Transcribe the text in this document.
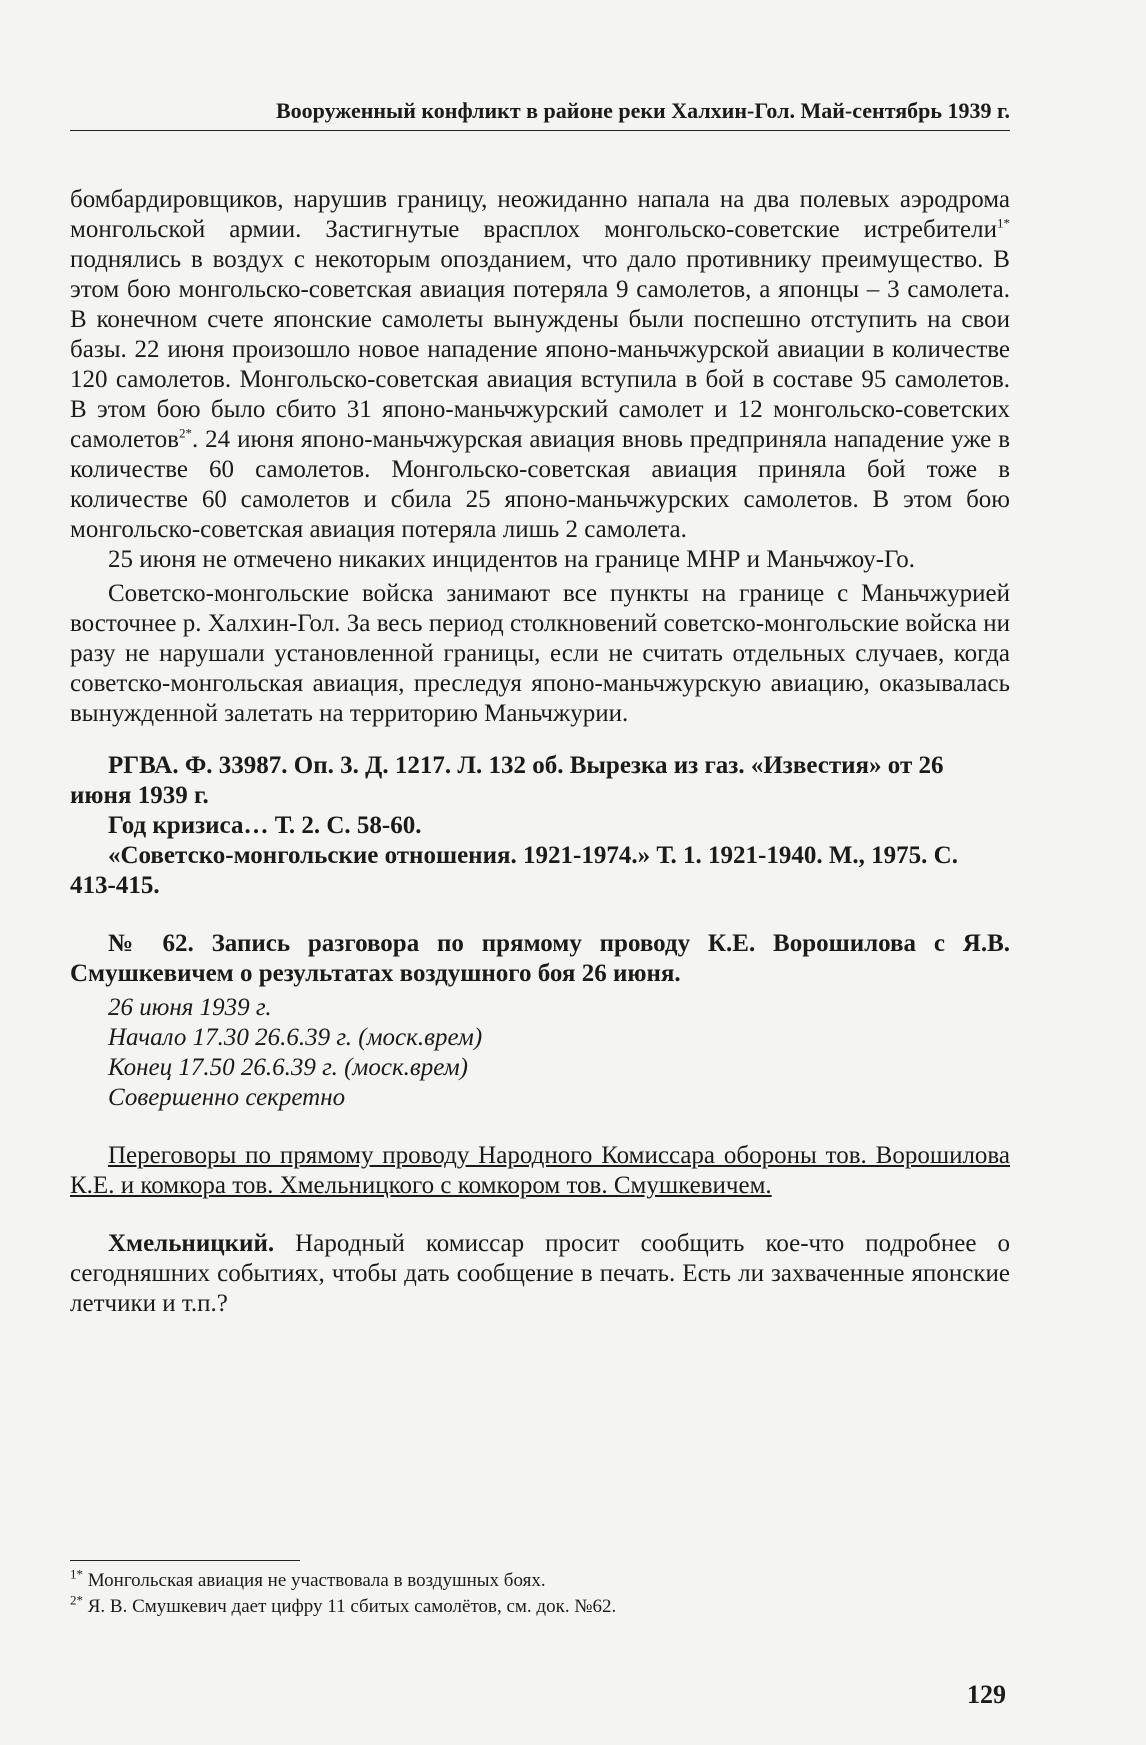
Вооруженный конфликт в районе реки Халхин-Гол. Май-сентябрь 1939 г.

бомбардировщиков, нарушив границу, неожиданно напала на два полевых аэродрома монгольской армии. Застигнутые врасплох монгольско-советские истребители$^{1*}$ поднялись в воздух с некоторым опозданием, что дало противнику преимущество. В этом бою монгольско-советская авиация потеряла 9 самолетов, а японцы – 3 самолета. В конечном счете японские самолеты вынуждены были поспешно отступить на свои базы. 22 июня произошло новое нападение японо-маньчжурской авиации в количестве 120 самолетов. Монгольско-советская авиация вступила в бой в составе 95 самолетов. В этом бою было сбито 31 японо-маньчжурский самолет и 12 монгольско-советских самолетов$^{2*}$. 24 июня японо-маньчжурская авиация вновь предприняла нападение уже в количестве 60 самолетов. Монгольско-советская авиация приняла бой тоже в количестве 60 самолетов и сбила 25 японо-маньчжурских самолетов. В этом бою монгольско-советская авиация потеряла лишь 2 самолета.

25 июня не отмечено никаких инцидентов на границе МНР и Маньчжоу-Го.

Советско-монгольские войска занимают все пункты на границе с Маньчжурией восточнее р. Халхин-Гол. За весь период столкновений советско-монгольские войска ни разу не нарушали установленной границы, если не считать отдельных случаев, когда советско-монгольская авиация, преследуя японо-маньчжурскую авиацию, оказывалась вынужденной залетать на территорию Маньчжурии.

РГВА. Ф. 33987. Оп. 3. Д. 1217. Л. 132 об. Вырезка из газ. «Известия» от 26 июня 1939 г.

Год кризиса… Т. 2. С. 58-60.

«Советско-монгольские отношения. 1921-1974.» Т. 1. 1921-1940. М., 1975. С. 413-415.

№ 62. Запись разговора по прямому проводу К.Е. Ворошилова с Я.В. Смушкевичем о результатах воздушного боя 26 июня.

26 июня 1939 г.

Начало 17.30 26.6.39 г. (моск.врем)

Конец 17.50 26.6.39 г. (моск.врем)

Совершенно секретно

Переговоры по прямому проводу Народного Комиссара обороны тов. Ворошилова К.Е. и комкора тов. Хмельницкого с комкором тов. Смушкевичем.

Хмельницкий. Народный комиссар просит сообщить кое-что подробнее о сегодняшних событиях, чтобы дать сообщение в печать. Есть ли захваченные японские летчики и т.п.?

$^{1*}$ Монгольская авиация не участвовала в воздушных боях.

$^{2*}$ Я. В. Смушкевич дает цифру 11 сбитых самолётов, см. док. №62.

129
